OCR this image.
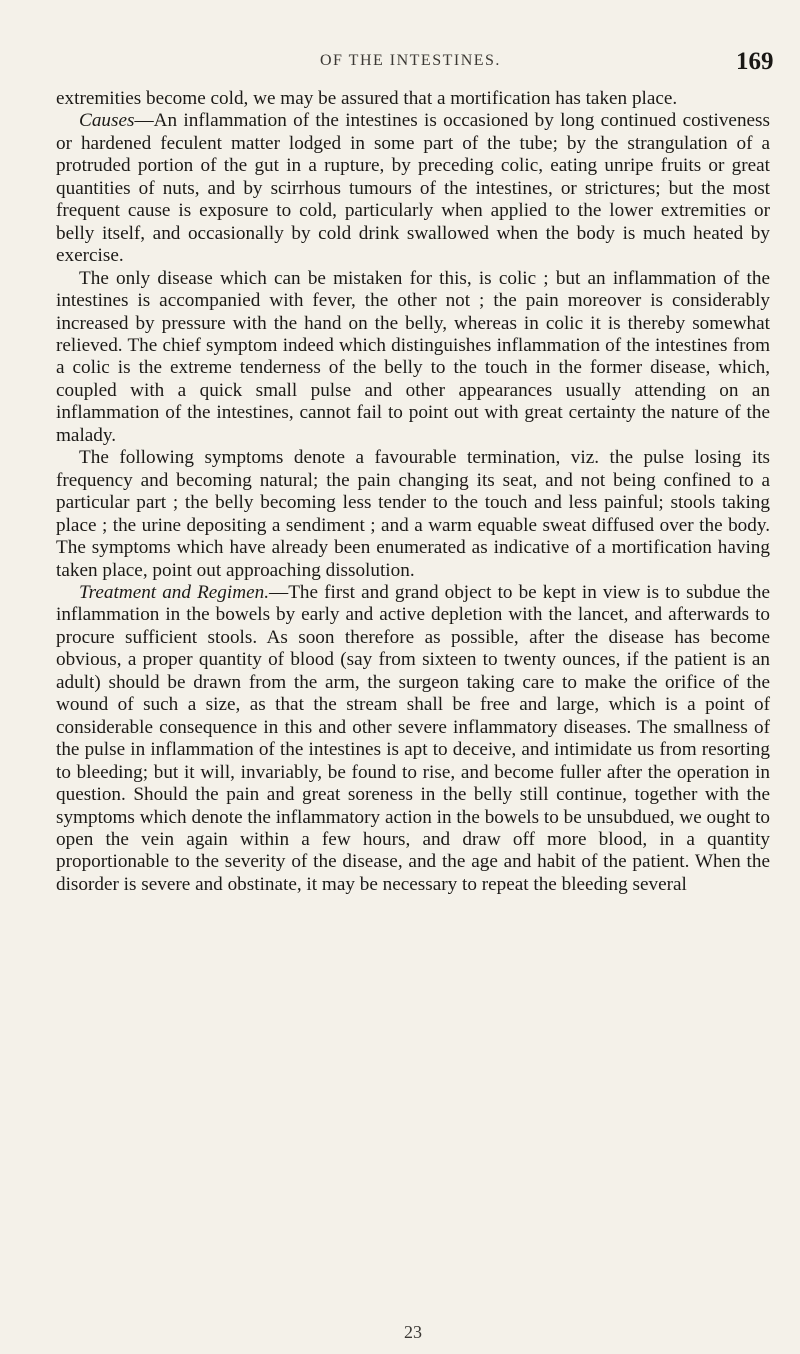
OF THE INTESTINES.	169

extremities become cold, we may be assured that a mortification has taken place.

Causes—An inflammation of the intestines is occasioned by long continued costiveness or hardened feculent matter lodged in some part of the tube; by the strangulation of a protruded portion of the gut in a rupture, by preceding colic, eating unripe fruits or great quantities of nuts, and by scirrhous tumours of the intestines, or strictures; but the most frequent cause is exposure to cold, particularly when applied to the lower extremities or belly itself, and occasionally by cold drink swallowed when the body is much heated by exercise.

The only disease which can be mistaken for this, is colic ; but an inflammation of the intestines is accompanied with fever, the other not ; the pain moreover is considerably increased by pressure with the hand on the belly, whereas in colic it is thereby somewhat relieved. The chief symptom indeed which distinguishes inflammation of the intestines from a colic is the extreme tenderness of the belly to the touch in the former disease, which, coupled with a quick small pulse and other appearances usually attending on an inflammation of the intestines, cannot fail to point out with great certainty the nature of the malady.

The following symptoms denote a favourable termination, viz. the pulse losing its frequency and becoming natural; the pain changing its seat, and not being confined to a particular part ; the belly becoming less tender to the touch and less painful; stools taking place ; the urine depositing a sendiment ; and a warm equable sweat diffused over the body. The symptoms which have already been enumerated as indicative of a mortification having taken place, point out approaching dissolution.

Treatment and Regimen.—The first and grand object to be kept in view is to subdue the inflammation in the bowels by early and active depletion with the lancet, and afterwards to procure sufficient stools. As soon therefore as possible, after the disease has become obvious, a proper quantity of blood (say from sixteen to twenty ounces, if the patient is an adult) should be drawn from the arm, the surgeon taking care to make the orifice of the wound of such a size, as that the stream shall be free and large, which is a point of considerable consequence in this and other severe inflammatory diseases. The smallness of the pulse in inflammation of the intestines is apt to deceive, and intimidate us from resorting to bleeding; but it will, invariably, be found to rise, and become fuller after the operation in question. Should the pain and great soreness in the belly still continue, together with the symptoms which denote the inflammatory action in the bowels to be unsubdued, we ought to open the vein again within a few hours, and draw off more blood, in a quantity proportionable to the severity of the disease, and the age and habit of the patient. When the disorder is severe and obstinate, it may be necessary to repeat the bleeding several

23
